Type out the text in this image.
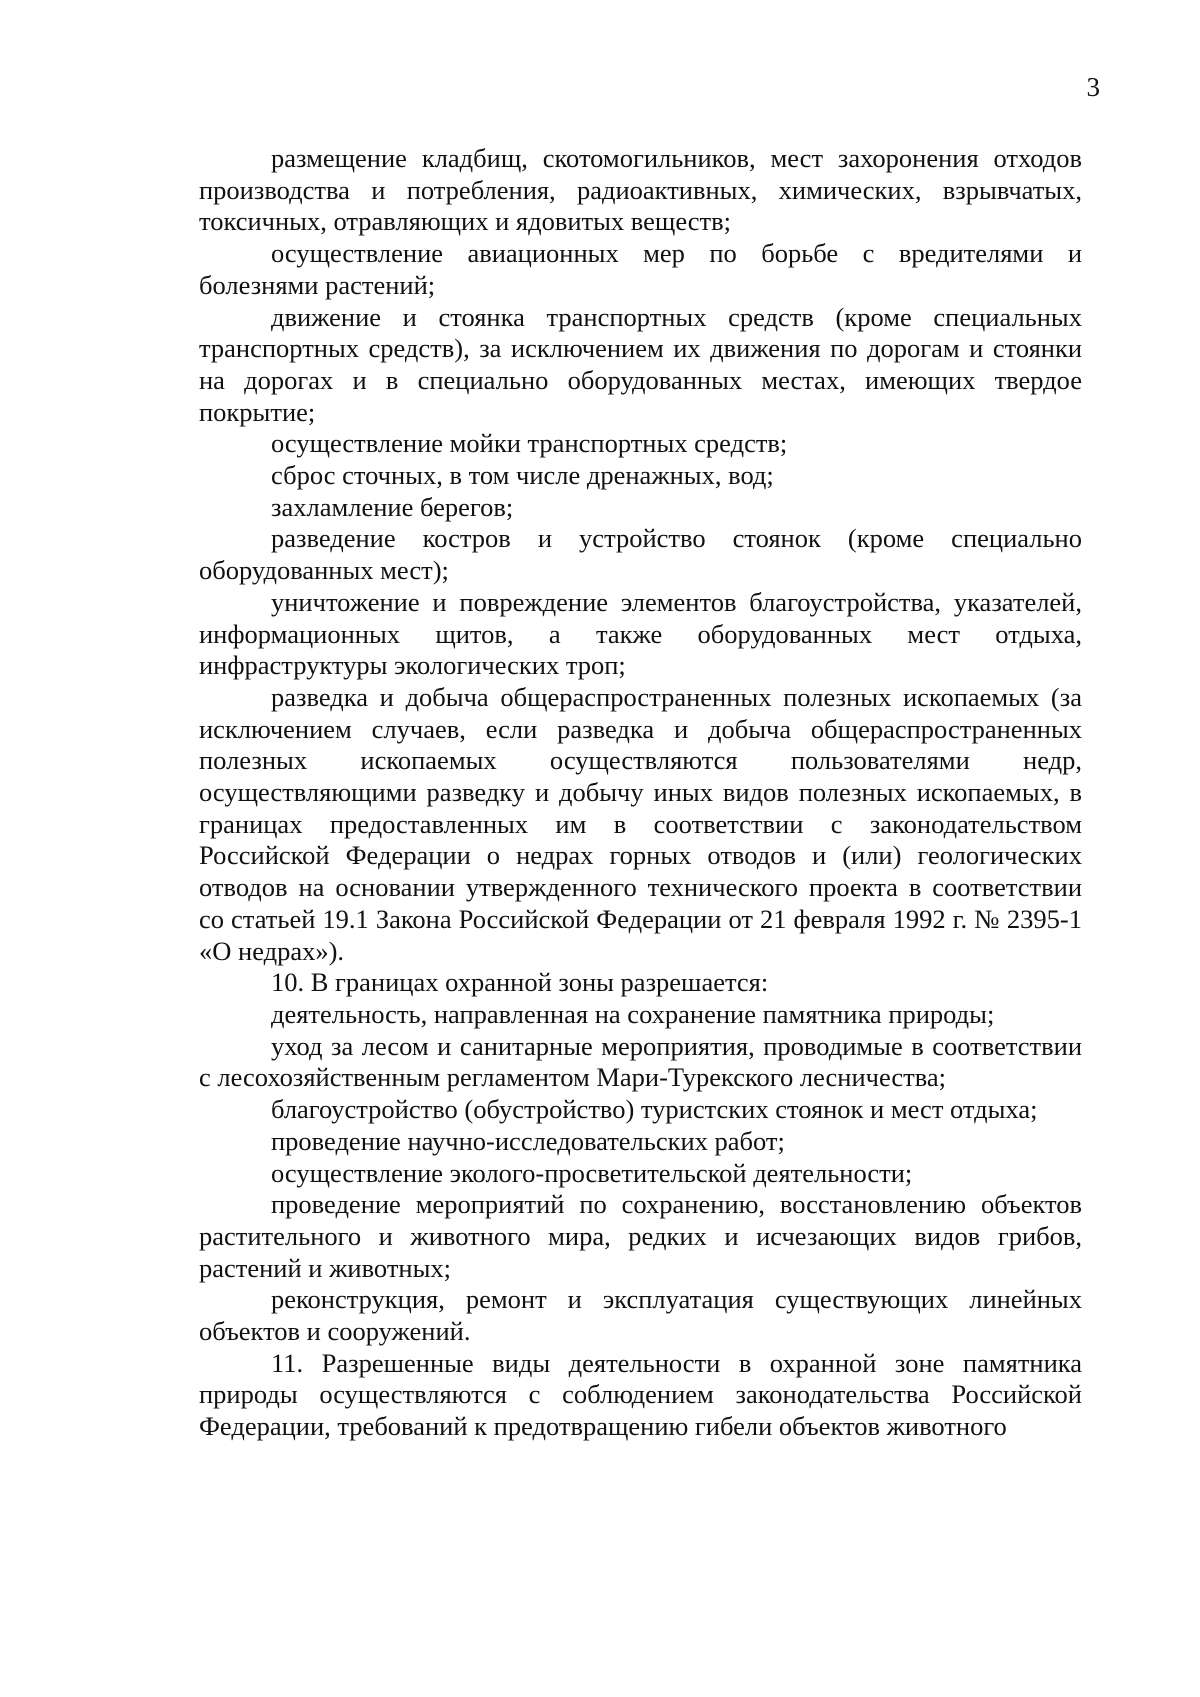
3

размещение кладбищ, скотомогильников, мест захоронения отходов производства и потребления, радиоактивных, химических, взрывчатых, токсичных, отравляющих и ядовитых веществ;

осуществление авиационных мер по борьбе с вредителями и болезнями растений;

движение и стоянка транспортных средств (кроме специальных транспортных средств), за исключением их движения по дорогам и стоянки на дорогах и в специально оборудованных местах, имеющих твердое покрытие;

осуществление мойки транспортных средств;

сброс сточных, в том числе дренажных, вод;

захламление берегов;

разведение костров и устройство стоянок (кроме специально оборудованных мест);

уничтожение и повреждение элементов благоустройства, указателей, информационных щитов, а также оборудованных мест отдыха, инфраструктуры экологических троп;

разведка и добыча общераспространенных полезных ископаемых (за исключением случаев, если разведка и добыча общераспространенных полезных ископаемых осуществляются пользователями недр, осуществляющими разведку и добычу иных видов полезных ископаемых, в границах предоставленных им в соответствии с законодательством Российской Федерации о недрах горных отводов и (или) геологических отводов на основании утвержденного технического проекта в соответствии со статьей 19.1 Закона Российской Федерации от 21 февраля 1992 г. № 2395-1 «О недрах»).

10. В границах охранной зоны разрешается:

деятельность, направленная на сохранение памятника природы;

уход за лесом и санитарные мероприятия, проводимые в соответствии с лесохозяйственным регламентом Мари-Турекского лесничества;

благоустройство (обустройство) туристских стоянок и мест отдыха;

проведение научно-исследовательских работ;

осуществление эколого-просветительской деятельности;

проведение мероприятий по сохранению, восстановлению объектов растительного и животного мира, редких и исчезающих видов грибов, растений и животных;

реконструкция, ремонт и эксплуатация существующих линейных объектов и сооружений.

11. Разрешенные виды деятельности в охранной зоне памятника природы осуществляются с соблюдением законодательства Российской Федерации, требований к предотвращению гибели объектов животного
